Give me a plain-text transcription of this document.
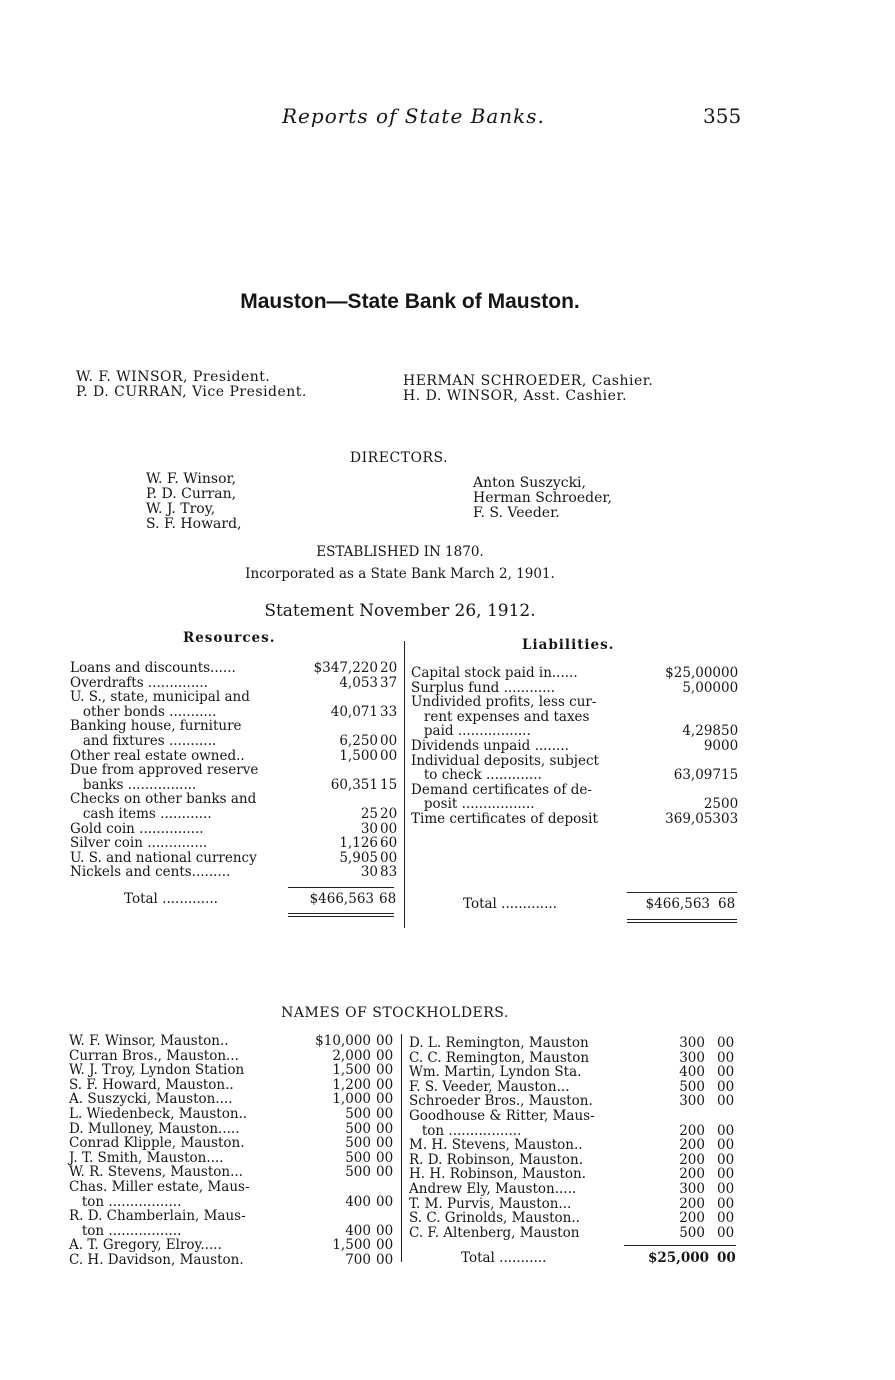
Reports of State Banks.	355
Mauston—State Bank of Mauston.
W. F. WINSOR, President.
P. D. CURRAN, Vice President.
HERMAN SCHROEDER, Cashier.
H. D. WINSOR, Asst. Cashier.
DIRECTORS.
W. F. Winsor,
P. D. Curran,
W. J. Troy,
S. F. Howard,
Anton Suszycki,
Herman Schroeder,
F. S. Veeder.
ESTABLISHED IN 1870.
Incorporated as a State Bank March 2, 1901.
Statement November 26, 1912.
Resources.
Loans and discounts......	$347,220 20
Overdrafts ..............	4,053 37
U. S., state, municipal and
other bonds ...........	40,071 33
Banking house, furniture
and fixtures ...........	6,250 00
Other real estate owned..	1,500 00
Due from approved reserve
banks ................	60,351 15
Checks on other banks and
cash items ............	25 20
Gold coin ...............	30 00
Silver coin ..............	1,126 60
U. S. and national currency	5,905 00
Nickels and cents.........	30 83
Total .............	$466,563 68
Liabilities.
Capital stock paid in......	$25,000 00
Surplus fund ............	5,000 00
Undivided profits, less cur-
rent expenses and taxes
paid .................	4,298 50
Dividends unpaid ........	90 00
Individual deposits, subject
to check .............	63,097 15
Demand certificates of de-
posit .................	25 00
Time certificates of deposit	369,053 03
Total .............	$466,563 68
NAMES OF STOCKHOLDERS.
W. F. Winsor, Mauston..	$10,000 00
Curran Bros., Mauston...	2,000 00
W. J. Troy, Lyndon Station	1,500 00
S. F. Howard, Mauston..	1,200 00
A. Suszycki, Mauston....	1,000 00
L. Wiedenbeck, Mauston..	500 00
D. Mulloney, Mauston.....	500 00
Conrad Klipple, Mauston.	500 00
J. T. Smith, Mauston....	500 00
W. R. Stevens, Mauston...	500 00
Chas. Miller estate, Maus-
ton .................	400 00
R. D. Chamberlain, Maus-
ton .................	400 00
A. T. Gregory, Elroy.....	1,500 00
C. H. Davidson, Mauston.	700 00
D. L. Remington, Mauston	300 00
C. C. Remington, Mauston	300 00
Wm. Martin, Lyndon Sta.	400 00
F. S. Veeder, Mauston...	500 00
Schroeder Bros., Mauston.	300 00
Goodhouse & Ritter, Maus-
ton .................	200 00
M. H. Stevens, Mauston..	200 00
R. D. Robinson, Mauston.	200 00
H. H. Robinson, Mauston.	200 00
Andrew Ely, Mauston.....	300 00
T. M. Purvis, Mauston...	200 00
S. C. Grinolds, Mauston..	200 00
C. F. Altenberg, Mauston	500 00
Total ...........	$25,000 00
